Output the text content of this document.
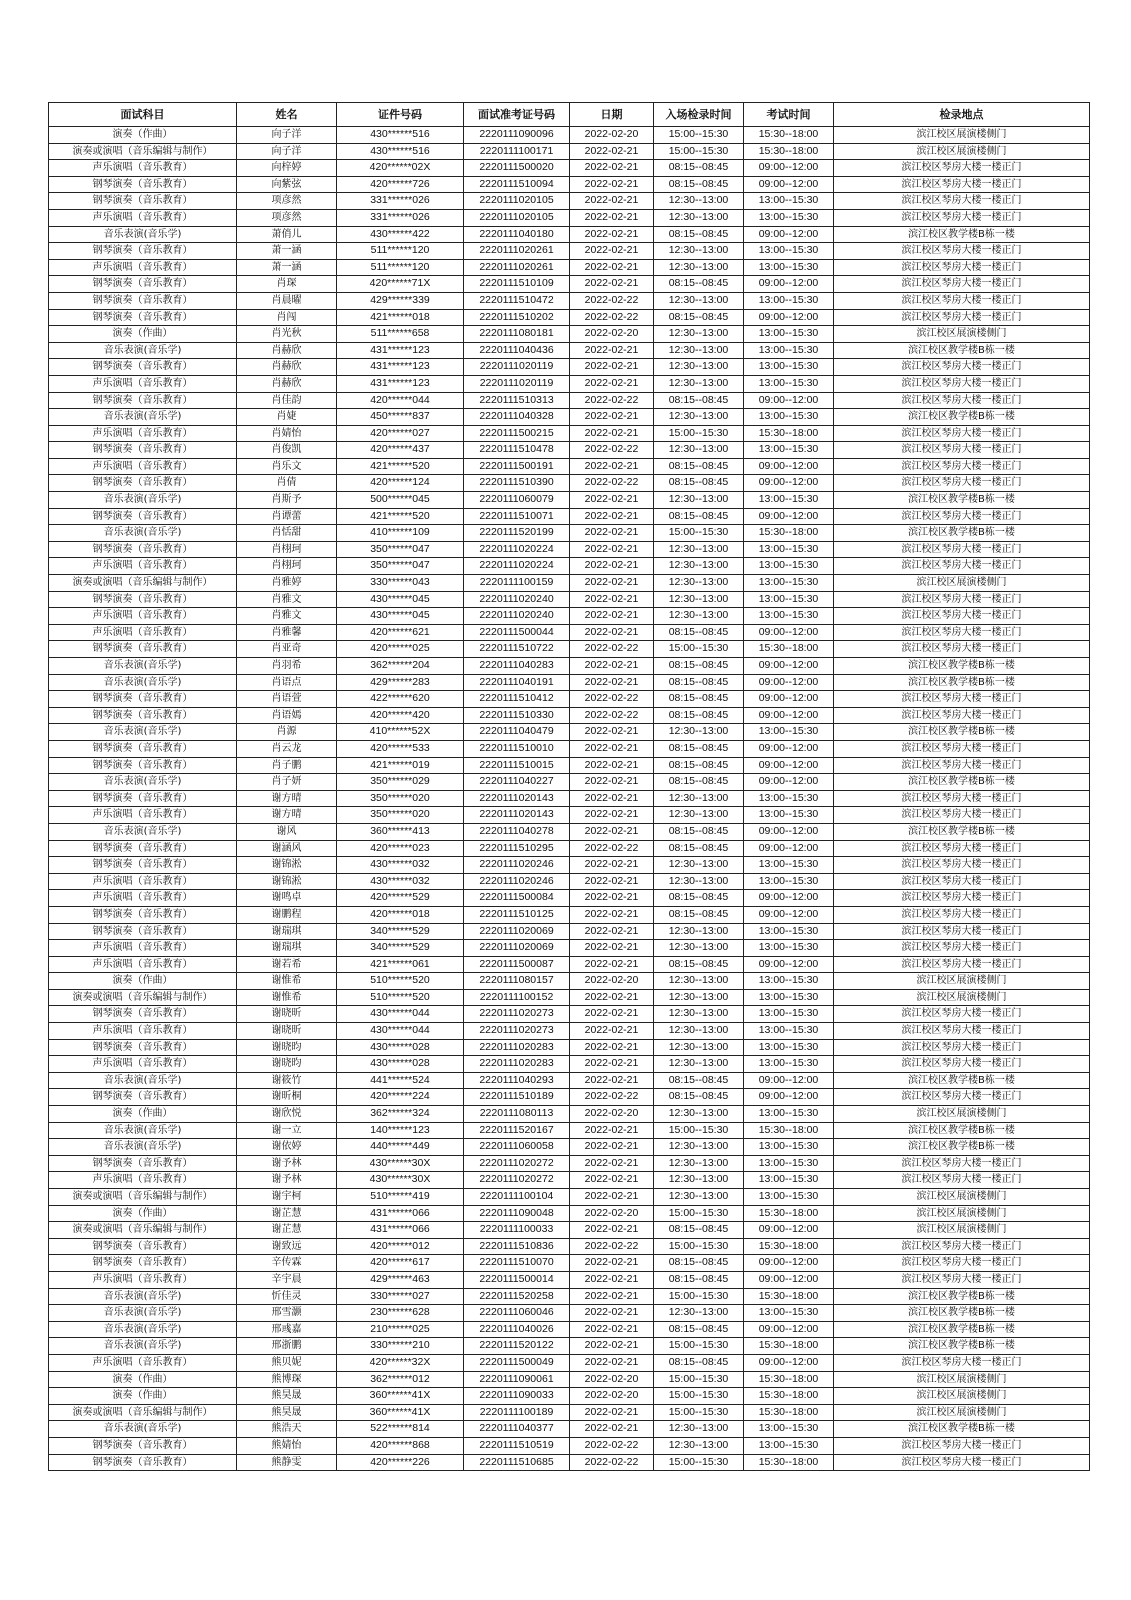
面试科目	姓名	证件号码	面试准考证号码	日期	入场检录时间	考试时间	检录地点
演奏（作曲）	向子洋	430******516	2220111090096	2022-02-20	15:00--15:30	15:30--18:00	滨江校区展演楼侧门
演奏或演唱（音乐编辑与制作）	向子洋	430******516	2220111100171	2022-02-21	15:00--15:30	15:30--18:00	滨江校区展演楼侧门
声乐演唱（音乐教育）	向梓婷	420******02X	2220111500020	2022-02-21	08:15--08:45	09:00--12:00	滨江校区琴房大楼一楼正门
钢琴演奏（音乐教育）	向紫弦	420******726	2220111510094	2022-02-21	08:15--08:45	09:00--12:00	滨江校区琴房大楼一楼正门
钢琴演奏（音乐教育）	项彦然	331******026	2220111020105	2022-02-21	12:30--13:00	13:00--15:30	滨江校区琴房大楼一楼正门
声乐演唱（音乐教育）	项彦然	331******026	2220111020105	2022-02-21	12:30--13:00	13:00--15:30	滨江校区琴房大楼一楼正门
音乐表演(音乐学)	萧俏儿	430******422	2220111040180	2022-02-21	08:15--08:45	09:00--12:00	滨江校区教学楼B栋一楼
钢琴演奏（音乐教育）	萧一涵	511******120	2220111020261	2022-02-21	12:30--13:00	13:00--15:30	滨江校区琴房大楼一楼正门
声乐演唱（音乐教育）	萧一涵	511******120	2220111020261	2022-02-21	12:30--13:00	13:00--15:30	滨江校区琴房大楼一楼正门
钢琴演奏（音乐教育）	肖琛	420******71X	2220111510109	2022-02-21	08:15--08:45	09:00--12:00	滨江校区琴房大楼一楼正门
钢琴演奏（音乐教育）	肖晨曜	429******339	2220111510472	2022-02-22	12:30--13:00	13:00--15:30	滨江校区琴房大楼一楼正门
钢琴演奏（音乐教育）	肖闯	421******018	2220111510202	2022-02-22	08:15--08:45	09:00--12:00	滨江校区琴房大楼一楼正门
演奏（作曲）	肖光秋	511******658	2220111080181	2022-02-20	12:30--13:00	13:00--15:30	滨江校区展演楼侧门
音乐表演(音乐学)	肖赫欣	431******123	2220111040436	2022-02-21	12:30--13:00	13:00--15:30	滨江校区教学楼B栋一楼
钢琴演奏（音乐教育）	肖赫欣	431******123	2220111020119	2022-02-21	12:30--13:00	13:00--15:30	滨江校区琴房大楼一楼正门
声乐演唱（音乐教育）	肖赫欣	431******123	2220111020119	2022-02-21	12:30--13:00	13:00--15:30	滨江校区琴房大楼一楼正门
钢琴演奏（音乐教育）	肖佳韵	420******044	2220111510313	2022-02-22	08:15--08:45	09:00--12:00	滨江校区琴房大楼一楼正门
音乐表演(音乐学)	肖婕	450******837	2220111040328	2022-02-21	12:30--13:00	13:00--15:30	滨江校区教学楼B栋一楼
声乐演唱（音乐教育）	肖婧怡	420******027	2220111500215	2022-02-21	15:00--15:30	15:30--18:00	滨江校区琴房大楼一楼正门
钢琴演奏（音乐教育）	肖俊凯	420******437	2220111510478	2022-02-22	12:30--13:00	13:00--15:30	滨江校区琴房大楼一楼正门
声乐演唱（音乐教育）	肖乐文	421******520	2220111500191	2022-02-21	08:15--08:45	09:00--12:00	滨江校区琴房大楼一楼正门
钢琴演奏（音乐教育）	肖倩	420******124	2220111510390	2022-02-22	08:15--08:45	09:00--12:00	滨江校区琴房大楼一楼正门
音乐表演(音乐学)	肖斯予	500******045	2220111060079	2022-02-21	12:30--13:00	13:00--15:30	滨江校区教学楼B栋一楼
钢琴演奏（音乐教育）	肖谭蕾	421******520	2220111510071	2022-02-21	08:15--08:45	09:00--12:00	滨江校区琴房大楼一楼正门
音乐表演(音乐学)	肖恬甜	410******109	2220111520199	2022-02-21	15:00--15:30	15:30--18:00	滨江校区教学楼B栋一楼
钢琴演奏（音乐教育）	肖栩珂	350******047	2220111020224	2022-02-21	12:30--13:00	13:00--15:30	滨江校区琴房大楼一楼正门
声乐演唱（音乐教育）	肖栩珂	350******047	2220111020224	2022-02-21	12:30--13:00	13:00--15:30	滨江校区琴房大楼一楼正门
演奏或演唱（音乐编辑与制作）	肖雅婷	330******043	2220111100159	2022-02-21	12:30--13:00	13:00--15:30	滨江校区展演楼侧门
钢琴演奏（音乐教育）	肖雅文	430******045	2220111020240	2022-02-21	12:30--13:00	13:00--15:30	滨江校区琴房大楼一楼正门
声乐演唱（音乐教育）	肖雅文	430******045	2220111020240	2022-02-21	12:30--13:00	13:00--15:30	滨江校区琴房大楼一楼正门
声乐演唱（音乐教育）	肖雅馨	420******621	2220111500044	2022-02-21	08:15--08:45	09:00--12:00	滨江校区琴房大楼一楼正门
钢琴演奏（音乐教育）	肖亚奇	420******025	2220111510722	2022-02-22	15:00--15:30	15:30--18:00	滨江校区琴房大楼一楼正门
音乐表演(音乐学)	肖羽希	362******204	2220111040283	2022-02-21	08:15--08:45	09:00--12:00	滨江校区教学楼B栋一楼
音乐表演(音乐学)	肖语点	429******283	2220111040191	2022-02-21	08:15--08:45	09:00--12:00	滨江校区教学楼B栋一楼
钢琴演奏（音乐教育）	肖语萱	422******620	2220111510412	2022-02-22	08:15--08:45	09:00--12:00	滨江校区琴房大楼一楼正门
钢琴演奏（音乐教育）	肖语嫣	420******420	2220111510330	2022-02-22	08:15--08:45	09:00--12:00	滨江校区琴房大楼一楼正门
音乐表演(音乐学)	肖源	410******52X	2220111040479	2022-02-21	12:30--13:00	13:00--15:30	滨江校区教学楼B栋一楼
钢琴演奏（音乐教育）	肖云龙	420******533	2220111510010	2022-02-21	08:15--08:45	09:00--12:00	滨江校区琴房大楼一楼正门
钢琴演奏（音乐教育）	肖子鹏	421******019	2220111510015	2022-02-21	08:15--08:45	09:00--12:00	滨江校区琴房大楼一楼正门
音乐表演(音乐学)	肖子妍	350******029	2220111040227	2022-02-21	08:15--08:45	09:00--12:00	滨江校区教学楼B栋一楼
钢琴演奏（音乐教育）	谢方晴	350******020	2220111020143	2022-02-21	12:30--13:00	13:00--15:30	滨江校区琴房大楼一楼正门
声乐演唱（音乐教育）	谢方晴	350******020	2220111020143	2022-02-21	12:30--13:00	13:00--15:30	滨江校区琴房大楼一楼正门
音乐表演(音乐学)	谢风	360******413	2220111040278	2022-02-21	08:15--08:45	09:00--12:00	滨江校区教学楼B栋一楼
钢琴演奏（音乐教育）	谢涵风	420******023	2220111510295	2022-02-22	08:15--08:45	09:00--12:00	滨江校区琴房大楼一楼正门
钢琴演奏（音乐教育）	谢锦淞	430******032	2220111020246	2022-02-21	12:30--13:00	13:00--15:30	滨江校区琴房大楼一楼正门
声乐演唱（音乐教育）	谢锦淞	430******032	2220111020246	2022-02-21	12:30--13:00	13:00--15:30	滨江校区琴房大楼一楼正门
声乐演唱（音乐教育）	谢鸣卓	420******529	2220111500084	2022-02-21	08:15--08:45	09:00--12:00	滨江校区琴房大楼一楼正门
钢琴演奏（音乐教育）	谢鹏程	420******018	2220111510125	2022-02-21	08:15--08:45	09:00--12:00	滨江校区琴房大楼一楼正门
钢琴演奏（音乐教育）	谢瑞琪	340******529	2220111020069	2022-02-21	12:30--13:00	13:00--15:30	滨江校区琴房大楼一楼正门
声乐演唱（音乐教育）	谢瑞琪	340******529	2220111020069	2022-02-21	12:30--13:00	13:00--15:30	滨江校区琴房大楼一楼正门
声乐演唱（音乐教育）	谢若希	421******061	2220111500087	2022-02-21	08:15--08:45	09:00--12:00	滨江校区琴房大楼一楼正门
演奏（作曲）	谢惟希	510******520	2220111080157	2022-02-20	12:30--13:00	13:00--15:30	滨江校区展演楼侧门
演奏或演唱（音乐编辑与制作）	谢惟希	510******520	2220111100152	2022-02-21	12:30--13:00	13:00--15:30	滨江校区展演楼侧门
钢琴演奏（音乐教育）	谢晓昕	430******044	2220111020273	2022-02-21	12:30--13:00	13:00--15:30	滨江校区琴房大楼一楼正门
声乐演唱（音乐教育）	谢晓昕	430******044	2220111020273	2022-02-21	12:30--13:00	13:00--15:30	滨江校区琴房大楼一楼正门
钢琴演奏（音乐教育）	谢晓昀	430******028	2220111020283	2022-02-21	12:30--13:00	13:00--15:30	滨江校区琴房大楼一楼正门
声乐演唱（音乐教育）	谢晓昀	430******028	2220111020283	2022-02-21	12:30--13:00	13:00--15:30	滨江校区琴房大楼一楼正门
音乐表演(音乐学)	谢筱竹	441******524	2220111040293	2022-02-21	08:15--08:45	09:00--12:00	滨江校区教学楼B栋一楼
钢琴演奏（音乐教育）	谢昕桐	420******224	2220111510189	2022-02-22	08:15--08:45	09:00--12:00	滨江校区琴房大楼一楼正门
演奏（作曲）	谢欣悦	362******324	2220111080113	2022-02-20	12:30--13:00	13:00--15:30	滨江校区展演楼侧门
音乐表演(音乐学)	谢一立	140******123	2220111520167	2022-02-21	15:00--15:30	15:30--18:00	滨江校区教学楼B栋一楼
音乐表演(音乐学)	谢依婷	440******449	2220111060058	2022-02-21	12:30--13:00	13:00--15:30	滨江校区教学楼B栋一楼
钢琴演奏（音乐教育）	谢予林	430******30X	2220111020272	2022-02-21	12:30--13:00	13:00--15:30	滨江校区琴房大楼一楼正门
声乐演唱（音乐教育）	谢予林	430******30X	2220111020272	2022-02-21	12:30--13:00	13:00--15:30	滨江校区琴房大楼一楼正门
演奏或演唱（音乐编辑与制作）	谢宇柯	510******419	2220111100104	2022-02-21	12:30--13:00	13:00--15:30	滨江校区展演楼侧门
演奏（作曲）	谢芷慧	431******066	2220111090048	2022-02-20	15:00--15:30	15:30--18:00	滨江校区展演楼侧门
演奏或演唱（音乐编辑与制作）	谢芷慧	431******066	2220111100033	2022-02-21	08:15--08:45	09:00--12:00	滨江校区展演楼侧门
钢琴演奏（音乐教育）	谢致远	420******012	2220111510836	2022-02-22	15:00--15:30	15:30--18:00	滨江校区琴房大楼一楼正门
钢琴演奏（音乐教育）	辛传霖	420******617	2220111510070	2022-02-21	08:15--08:45	09:00--12:00	滨江校区琴房大楼一楼正门
声乐演唱（音乐教育）	辛宇晨	429******463	2220111500014	2022-02-21	08:15--08:45	09:00--12:00	滨江校区琴房大楼一楼正门
音乐表演(音乐学)	忻佳灵	330******027	2220111520258	2022-02-21	15:00--15:30	15:30--18:00	滨江校区教学楼B栋一楼
音乐表演(音乐学)	邢雪灏	230******628	2220111060046	2022-02-21	12:30--13:00	13:00--15:30	滨江校区教学楼B栋一楼
音乐表演(音乐学)	邢彧嘉	210******025	2220111040026	2022-02-21	08:15--08:45	09:00--12:00	滨江校区教学楼B栋一楼
音乐表演(音乐学)	邢浙鹏	330******210	2220111520122	2022-02-21	15:00--15:30	15:30--18:00	滨江校区教学楼B栋一楼
声乐演唱（音乐教育）	熊贝妮	420******32X	2220111500049	2022-02-21	08:15--08:45	09:00--12:00	滨江校区琴房大楼一楼正门
演奏（作曲）	熊博琛	362******012	2220111090061	2022-02-20	15:00--15:30	15:30--18:00	滨江校区展演楼侧门
演奏（作曲）	熊昊晟	360******41X	2220111090033	2022-02-20	15:00--15:30	15:30--18:00	滨江校区展演楼侧门
演奏或演唱（音乐编辑与制作）	熊昊晟	360******41X	2220111100189	2022-02-21	15:00--15:30	15:30--18:00	滨江校区展演楼侧门
音乐表演(音乐学)	熊浩天	522******814	2220111040377	2022-02-21	12:30--13:00	13:00--15:30	滨江校区教学楼B栋一楼
钢琴演奏（音乐教育）	熊婧怡	420******868	2220111510519	2022-02-22	12:30--13:00	13:00--15:30	滨江校区琴房大楼一楼正门
钢琴演奏（音乐教育）	熊静雯	420******226	2220111510685	2022-02-22	15:00--15:30	15:30--18:00	滨江校区琴房大楼一楼正门
